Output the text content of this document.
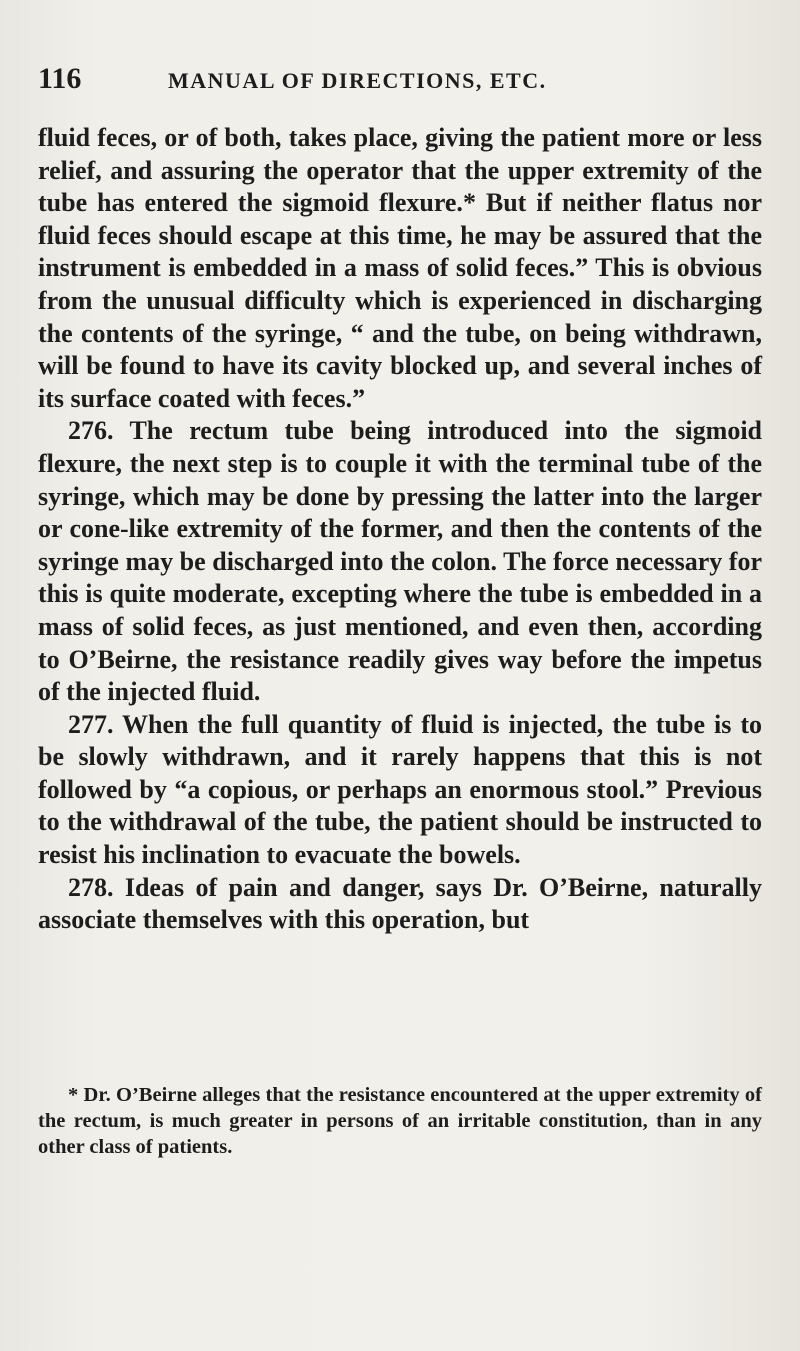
116	MANUAL OF DIRECTIONS, ETC.

fluid feces, or of both, takes place, giving the patient more or less relief, and assuring the operator that the upper extremity of the tube has entered the sigmoid flexure.* But if neither flatus nor fluid feces should escape at this time, he may be assured that the instrument is embedded in a mass of solid feces.” This is obvious from the unusual difficulty which is experienced in discharging the contents of the syringe, “ and the tube, on being withdrawn, will be found to have its cavity blocked up, and several inches of its surface coated with feces.”

276. The rectum tube being introduced into the sigmoid flexure, the next step is to couple it with the terminal tube of the syringe, which may be done by pressing the latter into the larger or cone-like extremity of the former, and then the contents of the syringe may be discharged into the colon. The force necessary for this is quite moderate, excepting where the tube is embedded in a mass of solid feces, as just mentioned, and even then, according to O’Beirne, the resistance readily gives way before the impetus of the injected fluid.

277. When the full quantity of fluid is injected, the tube is to be slowly withdrawn, and it rarely happens that this is not followed by “a copious, or perhaps an enormous stool.” Previous to the withdrawal of the tube, the patient should be instructed to resist his inclination to evacuate the bowels.

278. Ideas of pain and danger, says Dr. O’Beirne, naturally associate themselves with this operation, but

* Dr. O’Beirne alleges that the resistance encountered at the upper extremity of the rectum, is much greater in persons of an irritable constitution, than in any other class of patients.
